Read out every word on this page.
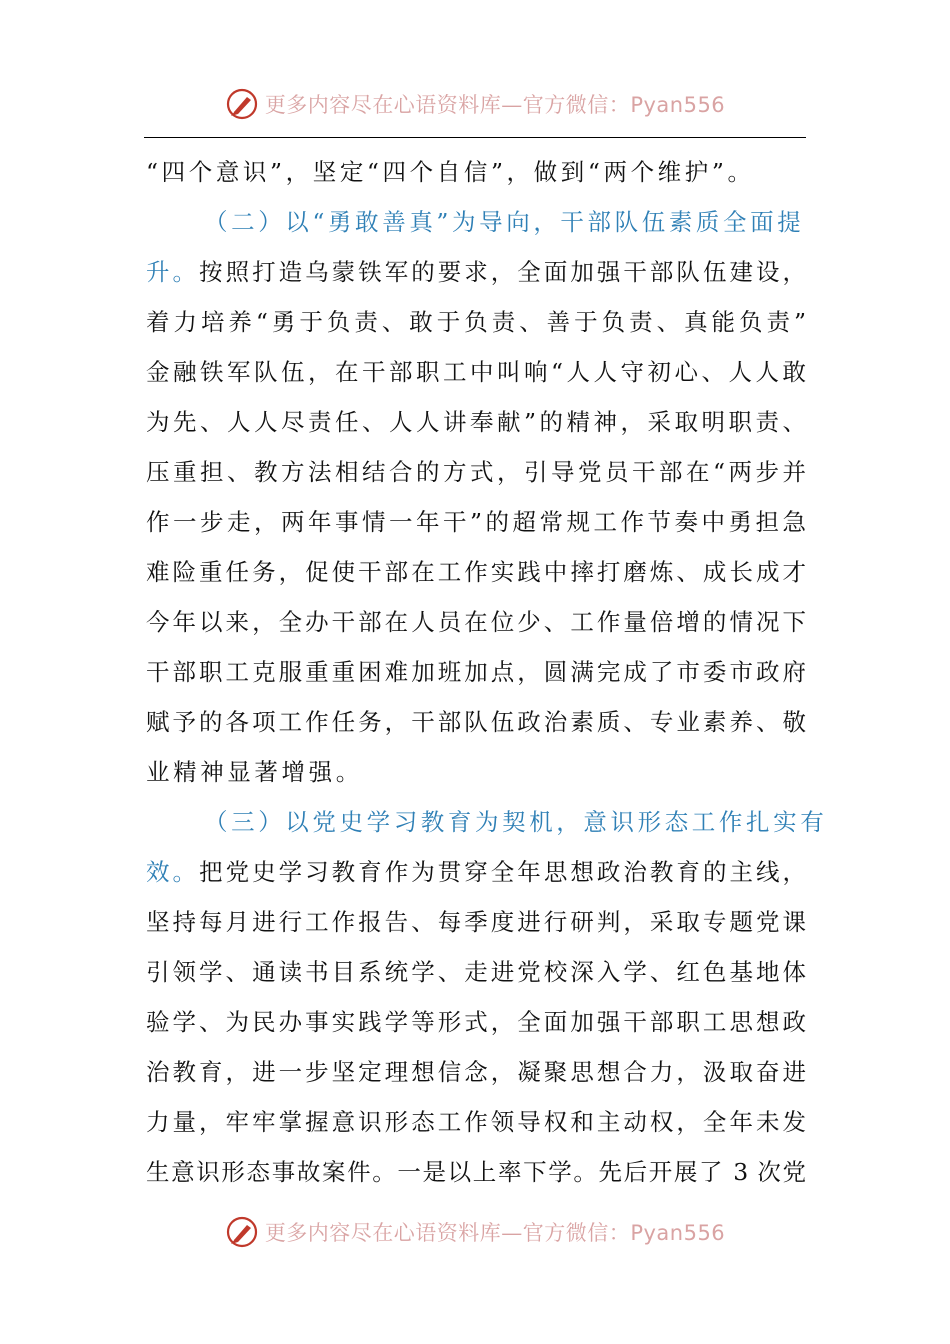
更多内容尽在心语资料库—官方微信：Pyan556
“四个意识”，坚定“四个自信”，做到“两个维护”。
（二）以“勇敢善真”为导向，干部队伍素质全面提
升。按照打造乌蒙铁军的要求，全面加强干部队伍建设，
着力培养“勇于负责、敢于负责、善于负责、真能负责”
金融铁军队伍，在干部职工中叫响“人人守初心、人人敢
为先、人人尽责任、人人讲奉献”的精神，采取明职责、
压重担、教方法相结合的方式，引导党员干部在“两步并
作一步走，两年事情一年干”的超常规工作节奏中勇担急
难险重任务，促使干部在工作实践中摔打磨炼、成长成才
今年以来，全办干部在人员在位少、工作量倍增的情况下
干部职工克服重重困难加班加点，圆满完成了市委市政府
赋予的各项工作任务，干部队伍政治素质、专业素养、敬
业精神显著增强。
（三）以党史学习教育为契机，意识形态工作扎实有
效。把党史学习教育作为贯穿全年思想政治教育的主线，
坚持每月进行工作报告、每季度进行研判，采取专题党课
引领学、通读书目系统学、走进党校深入学、红色基地体
验学、为民办事实践学等形式，全面加强干部职工思想政
治教育，进一步坚定理想信念，凝聚思想合力，汲取奋进
力量，牢牢掌握意识形态工作领导权和主动权，全年未发
生意识形态事故案件。一是以上率下学。先后开展了 3 次党
更多内容尽在心语资料库—官方微信：Pyan556
